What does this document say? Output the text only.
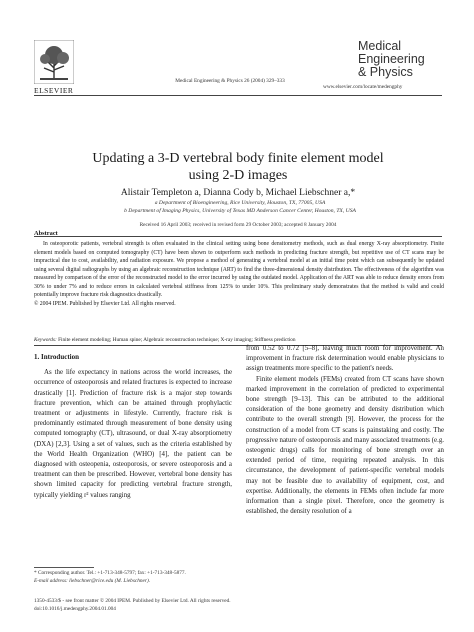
ELSEVIER
Medical Engineering & Physics 26 (2004) 329–333
Medical
Engineering
& Physics
www.elsevier.com/locate/medengphy
Updating a 3-D vertebral body finite element model
using 2-D images
Alistair Templeton a, Dianna Cody b, Michael Liebschner a,*
a Department of Bioengineering, Rice University, Houston, TX, 77005, USA
b Department of Imaging Physics, University of Texas MD Anderson Cancer Center, Houston, TX, USA
Received 16 April 2003; received in revised form 29 October 2003; accepted 8 January 2004
Abstract

In osteoporotic patients, vertebral strength is often evaluated in the clinical setting using bone densitometry methods, such as dual energy X-ray absorptiometry. Finite element models based on computed tomography (CT) have been shown to outperform such methods in predicting fracture strength, but repetitive use of CT scans may be impractical due to cost, availability, and radiation exposure. We propose a method of generating a vertebral model at an initial time point which can subsequently be updated using several digital radiographs by using an algebraic reconstruction technique (ART) to find the three-dimensional density distribution. The effectiveness of the algorithm was measured by comparison of the error of the reconstructed model to the error incurred by using the outdated model. Application of the ART was able to reduce density errors from 30% to under 7% and to reduce errors in calculated vertebral stiffness from 125% to under 10%. This preliminary study demonstrates that the method is valid and could potentially improve fracture risk diagnostics drastically.

© 2004 IPEM. Published by Elsevier Ltd. All rights reserved.

Keywords: Finite element modeling; Human spine; Algebraic reconstruction technique; X-ray imaging; Stiffness prediction

1. Introduction

As the life expectancy in nations across the world increases, the occurrence of osteoporosis and related fractures is expected to increase drastically [1]. Prediction of fracture risk is a major step towards fracture prevention, which can be attained through prophylactic treatment or adjustments in lifestyle. Currently, fracture risk is predominantly estimated through measurement of bone density using computed tomography (CT), ultrasound, or dual X-ray absorptiometry (DXA) [2,3]. Using a set of values, such as the criteria established by the World Health Organization (WHO) [4], the patient can be diagnosed with osteopenia, osteoporosis, or severe osteoporosis and a treatment can then be prescribed. However, vertebral bone density has shown limited capacity for predicting vertebral fracture strength, typically yielding r² values ranging

* Corresponding author. Tel.: +1-713-348-5797; fax: +1-713-348-5877.
E-mail address: liebschner@rice.edu (M. Liebschner).

from 0.52 to 0.72 [5–8], leaving much room for improvement. An improvement in fracture risk determination would enable physicians to assign treatments more specific to the patient's needs.

Finite element models (FEMs) created from CT scans have shown marked improvement in the correlation of predicted to experimental bone strength [9–13]. This can be attributed to the additional consideration of the bone geometry and density distribution which contribute to the overall strength [9]. However, the process for the construction of a model from CT scans is painstaking and costly. The progressive nature of osteoporosis and many associated treatments (e.g. osteogenic drugs) calls for monitoring of bone strength over an extended period of time, requiring repeated analysis. In this circumstance, the development of patient-specific vertebral models may not be feasible due to availability of equipment, cost, and expertise. Additionally, the elements in FEMs often include far more information than a single pixel. Therefore, once the geometry is established, the density resolution of a

1350-4533/$ - see front matter © 2004 IPEM. Published by Elsevier Ltd. All rights reserved.
doi:10.1016/j.medengphy.2004.01.004
